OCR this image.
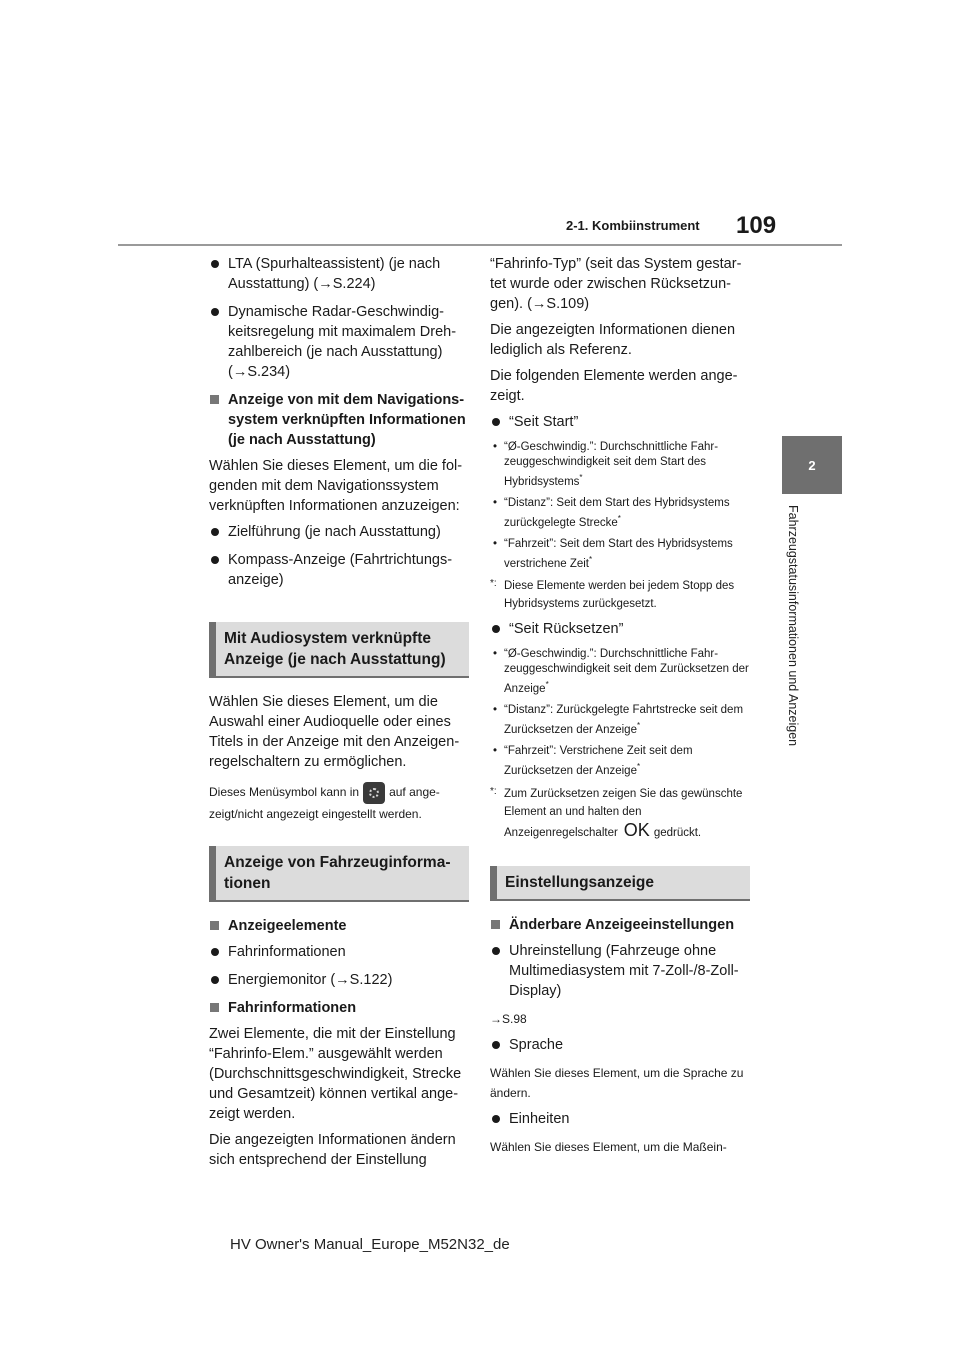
2-1. Kombiinstrument 109
2
Fahrzeugstatusinformationen und Anzeigen
LTA (Spurhalteassistent) (je nach Ausstattung) (→S.224)
Dynamische Radar-Geschwindigkeitsregelung mit maximalem Drehzahlbereich (je nach Ausstattung) (→S.234)
Anzeige von mit dem Navigationssystem verknüpften Informationen (je nach Ausstattung)

Wählen Sie dieses Element, um die folgenden mit dem Navigationssystem verknüpften Informationen anzuzeigen:

Zielführung (je nach Ausstattung)
Kompass-Anzeige (Fahrtrichtungsanzeige)
Mit Audiosystem verknüpfte Anzeige (je nach Ausstattung)

Wählen Sie dieses Element, um die Auswahl einer Audioquelle oder eines Titels in der Anzeige mit den Anzeigenregelschaltern zu ermöglichen.

Dieses Menüsymbol kann in	auf angezeigt/nicht angezeigt eingestellt werden.

Anzeige von Fahrzeuginformationen
Anzeigeelemente
Fahrinformationen
Energiemonitor (→S.122)
Fahrinformationen

Zwei Elemente, die mit der Einstellung “Fahrinfo-Elem.” ausgewählt werden (Durchschnittsgeschwindigkeit, Strecke und Gesamtzeit) können vertikal angezeigt werden.

Die angezeigten Informationen ändern sich entsprechend der Einstellung

“Fahrinfo-Typ” (seit das System gestartet wurde oder zwischen Rücksetzungen). (→S.109)

Die angezeigten Informationen dienen lediglich als Referenz.

Die folgenden Elemente werden angezeigt.

“Seit Start”
• “Ø-Geschwindig.”: Durchschnittliche Fahrzeuggeschwindigkeit seit dem Start des Hybridsystems*
• “Distanz”: Seit dem Start des Hybridsystems zurückgelegte Strecke*
• “Fahrzeit”: Seit dem Start des Hybridsystems verstrichene Zeit*
*: Diese Elemente werden bei jedem Stopp des Hybridsystems zurückgesetzt.
“Seit Rücksetzen”
• “Ø-Geschwindig.”: Durchschnittliche Fahrzeuggeschwindigkeit seit dem Zurücksetzen der Anzeige*
• “Distanz”: Zurückgelegte Fahrtstrecke seit dem Zurücksetzen der Anzeige*
• “Fahrzeit”: Verstrichene Zeit seit dem Zurücksetzen der Anzeige*
*: Zum Zurücksetzen zeigen Sie das gewünschte Element an und halten den Anzeigenregelschalter OK gedrückt.
Einstellungsanzeige
Änderbare Anzeigeeinstellungen
Uhreinstellung (Fahrzeuge ohne Multimediasystem mit 7-Zoll-/8-Zoll-Display)

→S.98

Sprache

Wählen Sie dieses Element, um die Sprache zu ändern.

Einheiten

Wählen Sie dieses Element, um die Maßein-

HV Owner's Manual_Europe_M52N32_de
